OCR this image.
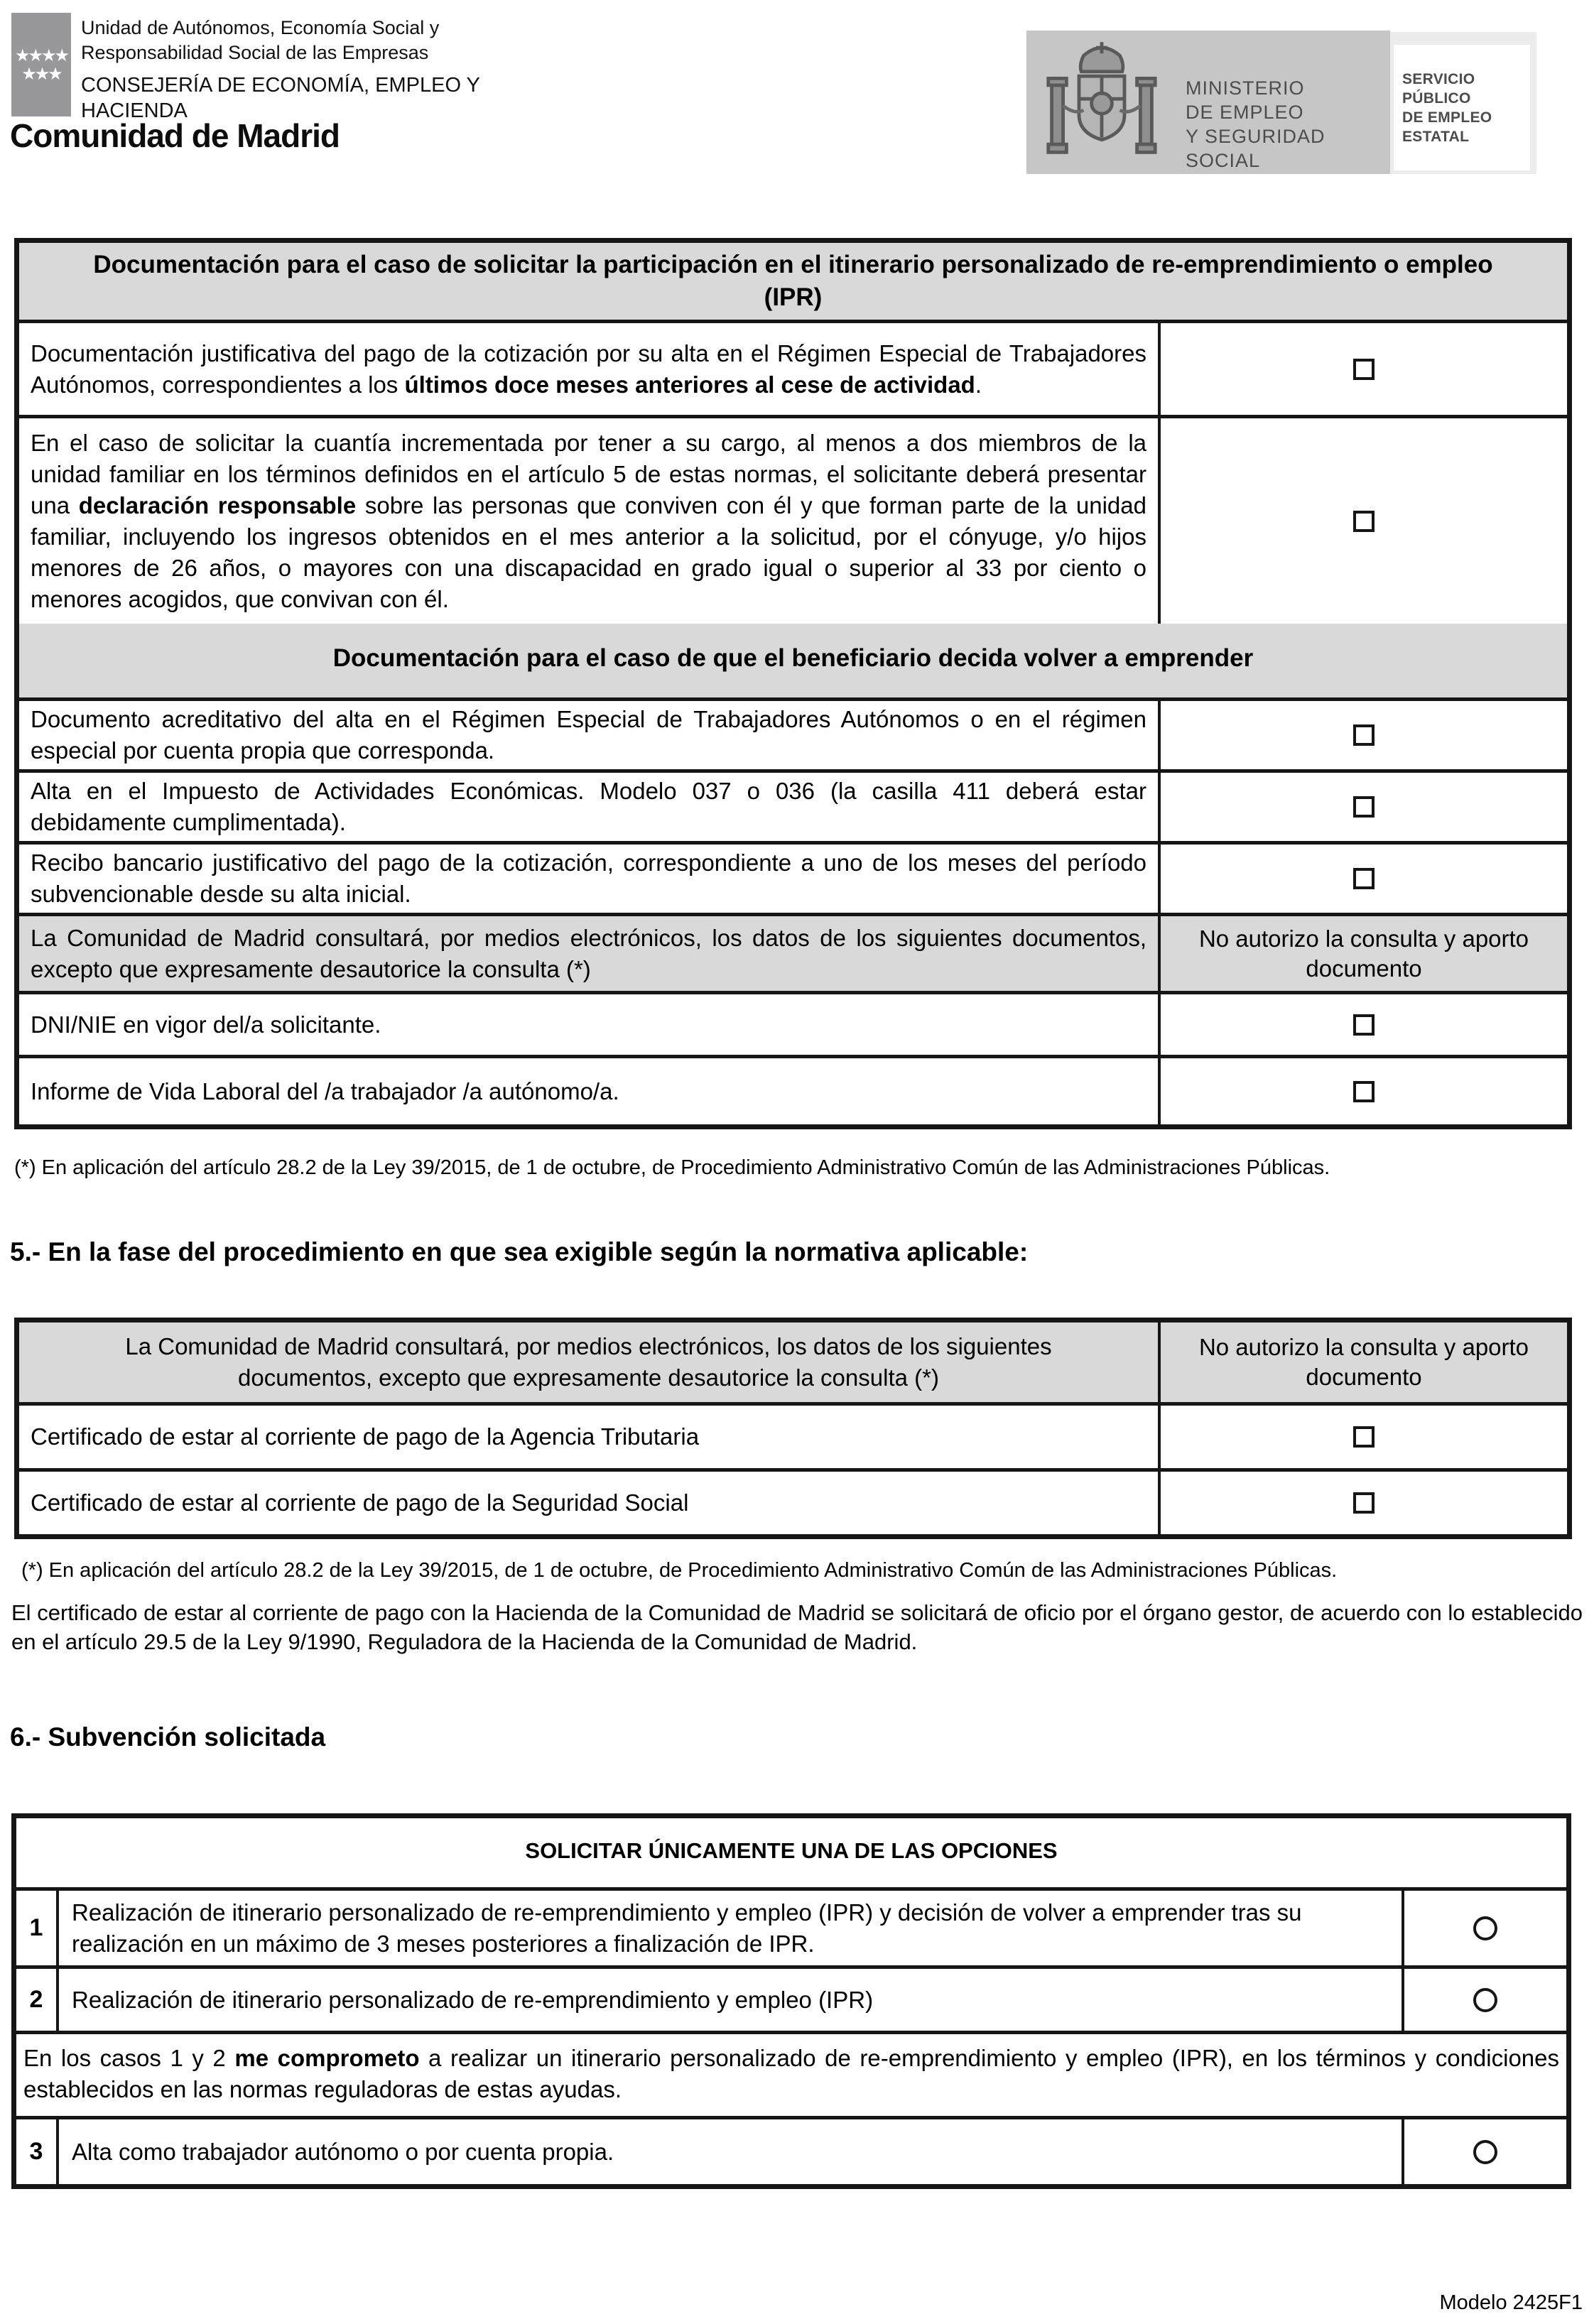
★★★★
★★★
Unidad de Autónomos, Economía Social y
Responsabilidad Social de las Empresas
CONSEJERÍA DE ECONOMÍA, EMPLEO Y
HACIENDA
Comunidad de Madrid
MINISTERIO
DE EMPLEO
Y SEGURIDAD SOCIAL
SERVICIO PÚBLICO
DE EMPLEO ESTATAL
Documentación para el caso de solicitar la participación en el itinerario personalizado de re-emprendimiento o empleo (IPR)
Documentación justificativa del pago de la cotización por su alta en el Régimen Especial de Trabajadores Autónomos, correspondientes a los últimos doce meses anteriores al cese de actividad.
En el caso de solicitar la cuantía incrementada por tener a su cargo, al menos a dos miembros de la unidad familiar en los términos definidos en el artículo 5 de estas normas, el solicitante deberá presentar una declaración responsable sobre las personas que conviven con él y que forman parte de la unidad familiar, incluyendo los ingresos obtenidos en el mes anterior a la solicitud, por el cónyuge, y/o hijos menores de 26 años, o mayores con una discapacidad en grado igual o superior al 33 por ciento o menores acogidos, que convivan con él.
Documentación para el caso de que el beneficiario decida volver a emprender
Documento acreditativo del alta en el Régimen Especial de Trabajadores Autónomos o en el régimen especial por cuenta propia que corresponda.
Alta en el Impuesto de Actividades Económicas. Modelo 037 o 036 (la casilla 411 deberá estar debidamente cumplimentada).
Recibo bancario justificativo del pago de la cotización, correspondiente a uno de los meses del período subvencionable desde su alta inicial.
La Comunidad de Madrid consultará, por medios electrónicos, los datos de los siguientes documentos, excepto que expresamente desautorice la consulta (*)
No autorizo la consulta y aporto documento
DNI/NIE en vigor del/a solicitante.
Informe de Vida Laboral del /a trabajador /a autónomo/a.
(*) En aplicación del artículo 28.2 de la Ley 39/2015, de 1 de octubre, de Procedimiento Administrativo Común de las Administraciones Públicas.
5.- En la fase del procedimiento en que sea exigible según la normativa aplicable:
La Comunidad de Madrid consultará, por medios electrónicos, los datos de los siguientes documentos, excepto que expresamente desautorice la consulta (*)
No autorizo la consulta y aporto documento
Certificado de estar al corriente de pago de la Agencia Tributaria
Certificado de estar al corriente de pago de la Seguridad Social
(*) En aplicación del artículo 28.2 de la Ley 39/2015, de 1 de octubre, de Procedimiento Administrativo Común de las Administraciones Públicas.
El certificado de estar al corriente de pago con la Hacienda de la Comunidad de Madrid se solicitará de oficio por el órgano gestor, de acuerdo con lo establecido en el artículo 29.5 de la Ley 9/1990, Reguladora de la Hacienda de la Comunidad de Madrid.
6.- Subvención solicitada
SOLICITAR ÚNICAMENTE UNA DE LAS OPCIONES
1
Realización de itinerario personalizado de re-emprendimiento y empleo (IPR) y decisión de volver a emprender tras su realización en un máximo de 3 meses posteriores a finalización de IPR.
2	Realización de itinerario personalizado de re-emprendimiento y empleo (IPR)
En los casos 1 y 2 me comprometo a realizar un itinerario personalizado de re-emprendimiento y empleo (IPR), en los términos y condiciones establecidos en las normas reguladoras de estas ayudas.
3	Alta como trabajador autónomo o por cuenta propia.
Modelo 2425F1
